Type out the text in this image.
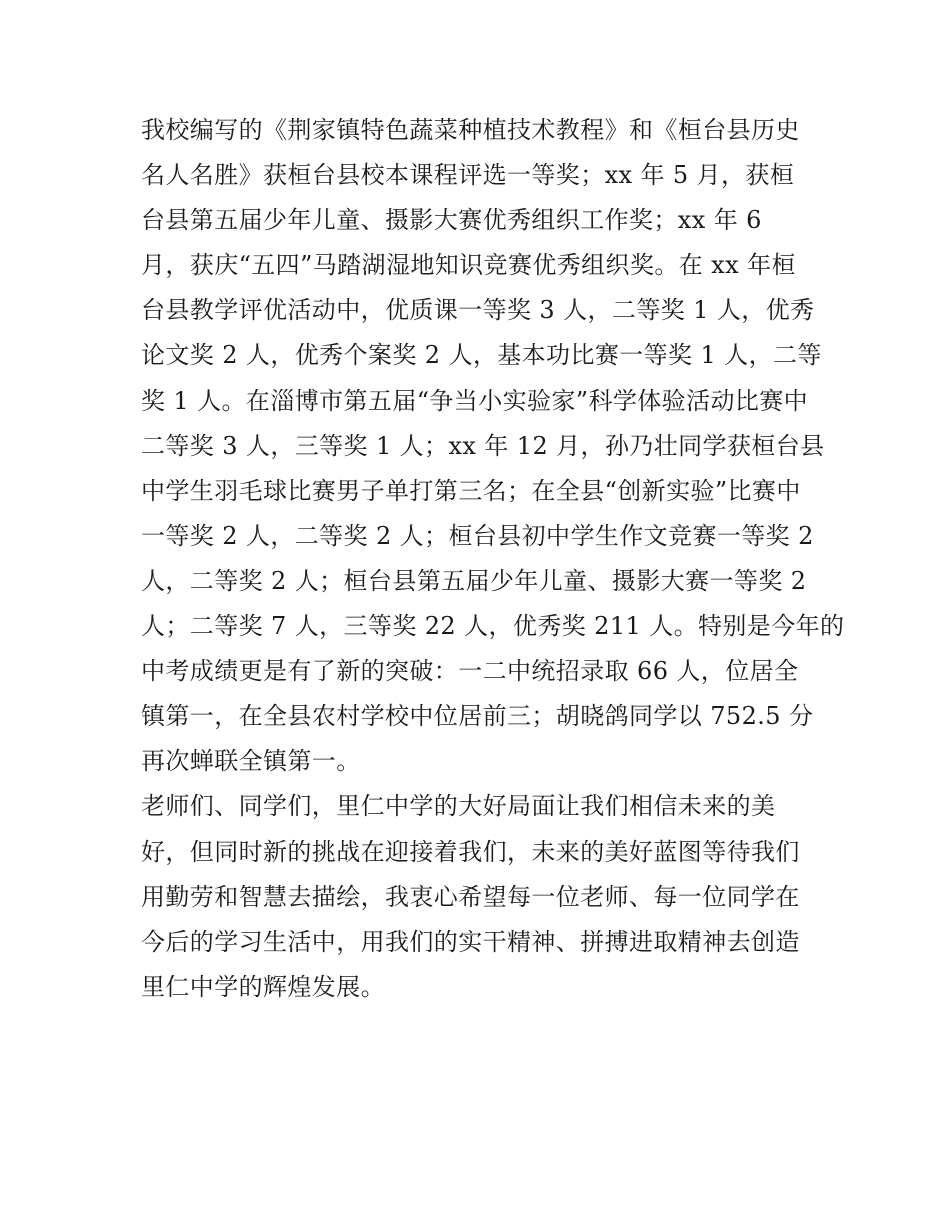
我校编写的《荆家镇特色蔬菜种植技术教程》和《桓台县历史
名人名胜》获桓台县校本课程评选一等奖；xx 年 5 月，获桓
台县第五届少年儿童、摄影大赛优秀组织工作奖；xx 年 6
月，获庆“五四”马踏湖湿地知识竞赛优秀组织奖。在 xx 年桓
台县教学评优活动中，优质课一等奖 3 人，二等奖 1 人，优秀
论文奖 2 人，优秀个案奖 2 人，基本功比赛一等奖 1 人，二等
奖 1 人。在淄博市第五届“争当小实验家”科学体验活动比赛中
二等奖 3 人，三等奖 1 人；xx 年 12 月，孙乃壮同学获桓台县
中学生羽毛球比赛男子单打第三名；在全县“创新实验”比赛中
一等奖 2 人，二等奖 2 人；桓台县初中学生作文竞赛一等奖 2
人，二等奖 2 人；桓台县第五届少年儿童、摄影大赛一等奖 2
人；二等奖 7 人，三等奖 22 人，优秀奖 211 人。特别是今年的
中考成绩更是有了新的突破：一二中统招录取 66 人，位居全
镇第一，在全县农村学校中位居前三；胡晓鸽同学以 752.5 分
再次蝉联全镇第一。
老师们、同学们，里仁中学的大好局面让我们相信未来的美
好，但同时新的挑战在迎接着我们，未来的美好蓝图等待我们
用勤劳和智慧去描绘，我衷心希望每一位老师、每一位同学在
今后的学习生活中，用我们的实干精神、拼搏进取精神去创造
里仁中学的辉煌发展。
